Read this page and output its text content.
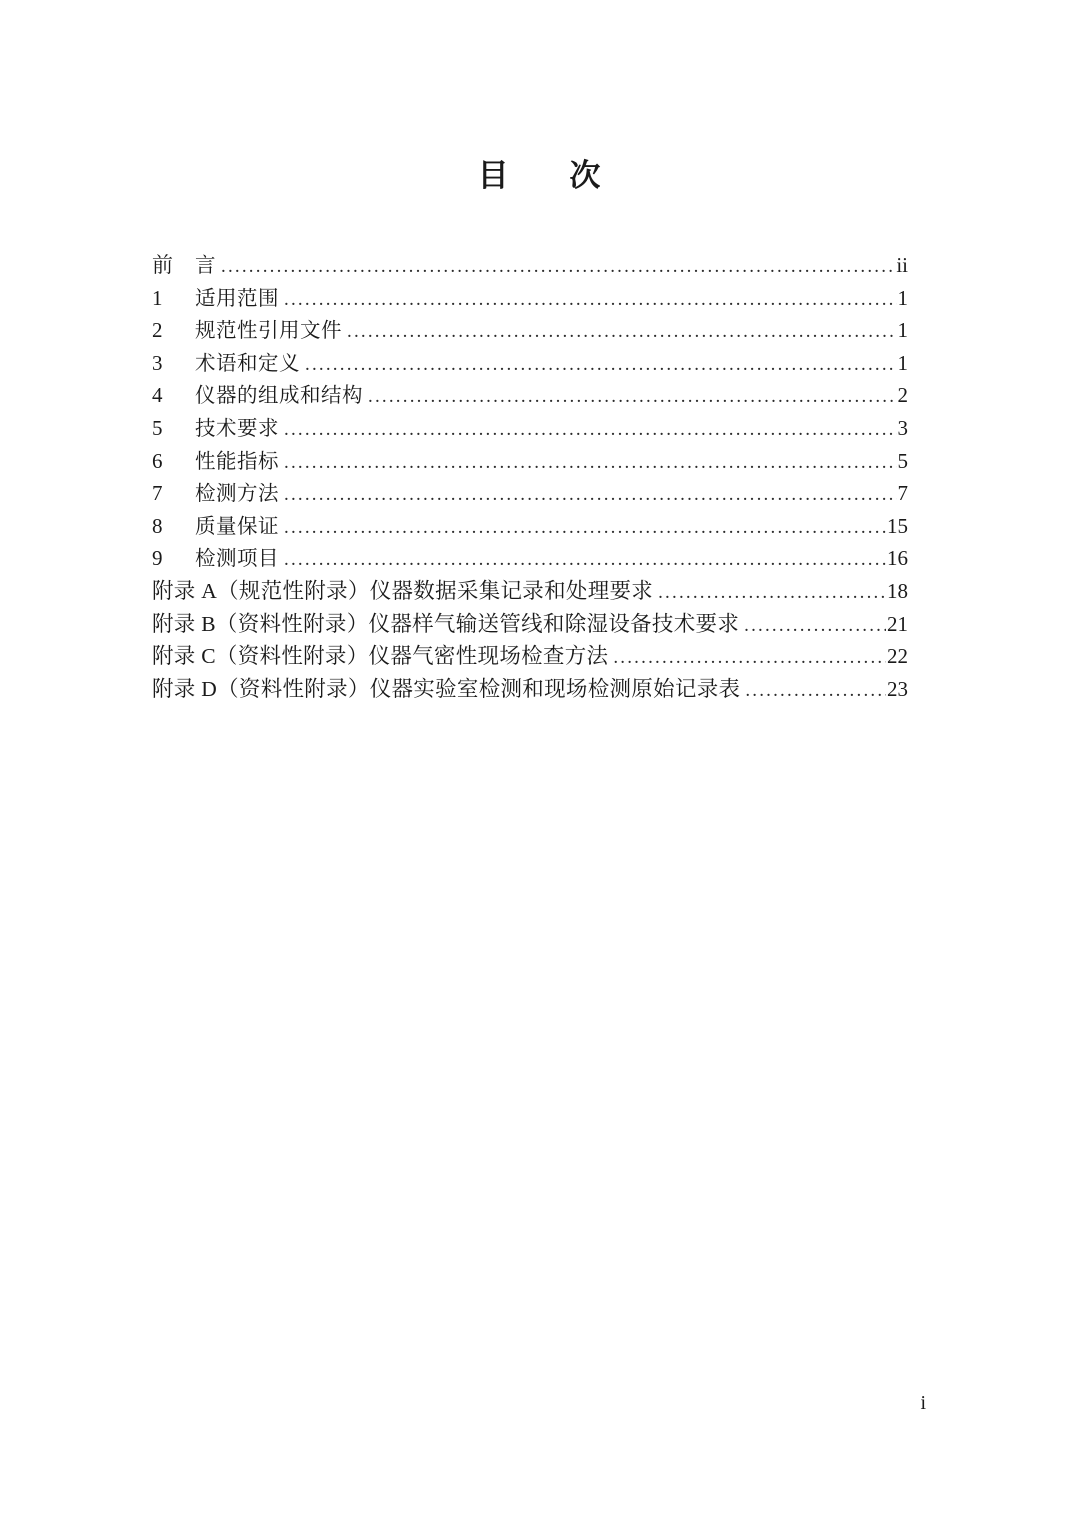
目 次
前	言 .....	ii
1	适用范围 .....	1
2	规范性引用文件 .....	1
3	术语和定义 .....	1
4	仪器的组成和结构 .....	2
5	技术要求 .....	3
6	性能指标 .....	5
7	检测方法 .....	7
8	质量保证 .....	15
9	检测项目 .....	16
附录 A（规范性附录）仪器数据采集记录和处理要求 .....	18
附录 B（资料性附录）仪器样气输送管线和除湿设备技术要求 .....	21
附录 C（资料性附录）仪器气密性现场检查方法 .....	22
附录 D（资料性附录）仪器实验室检测和现场检测原始记录表 .....	23
i
